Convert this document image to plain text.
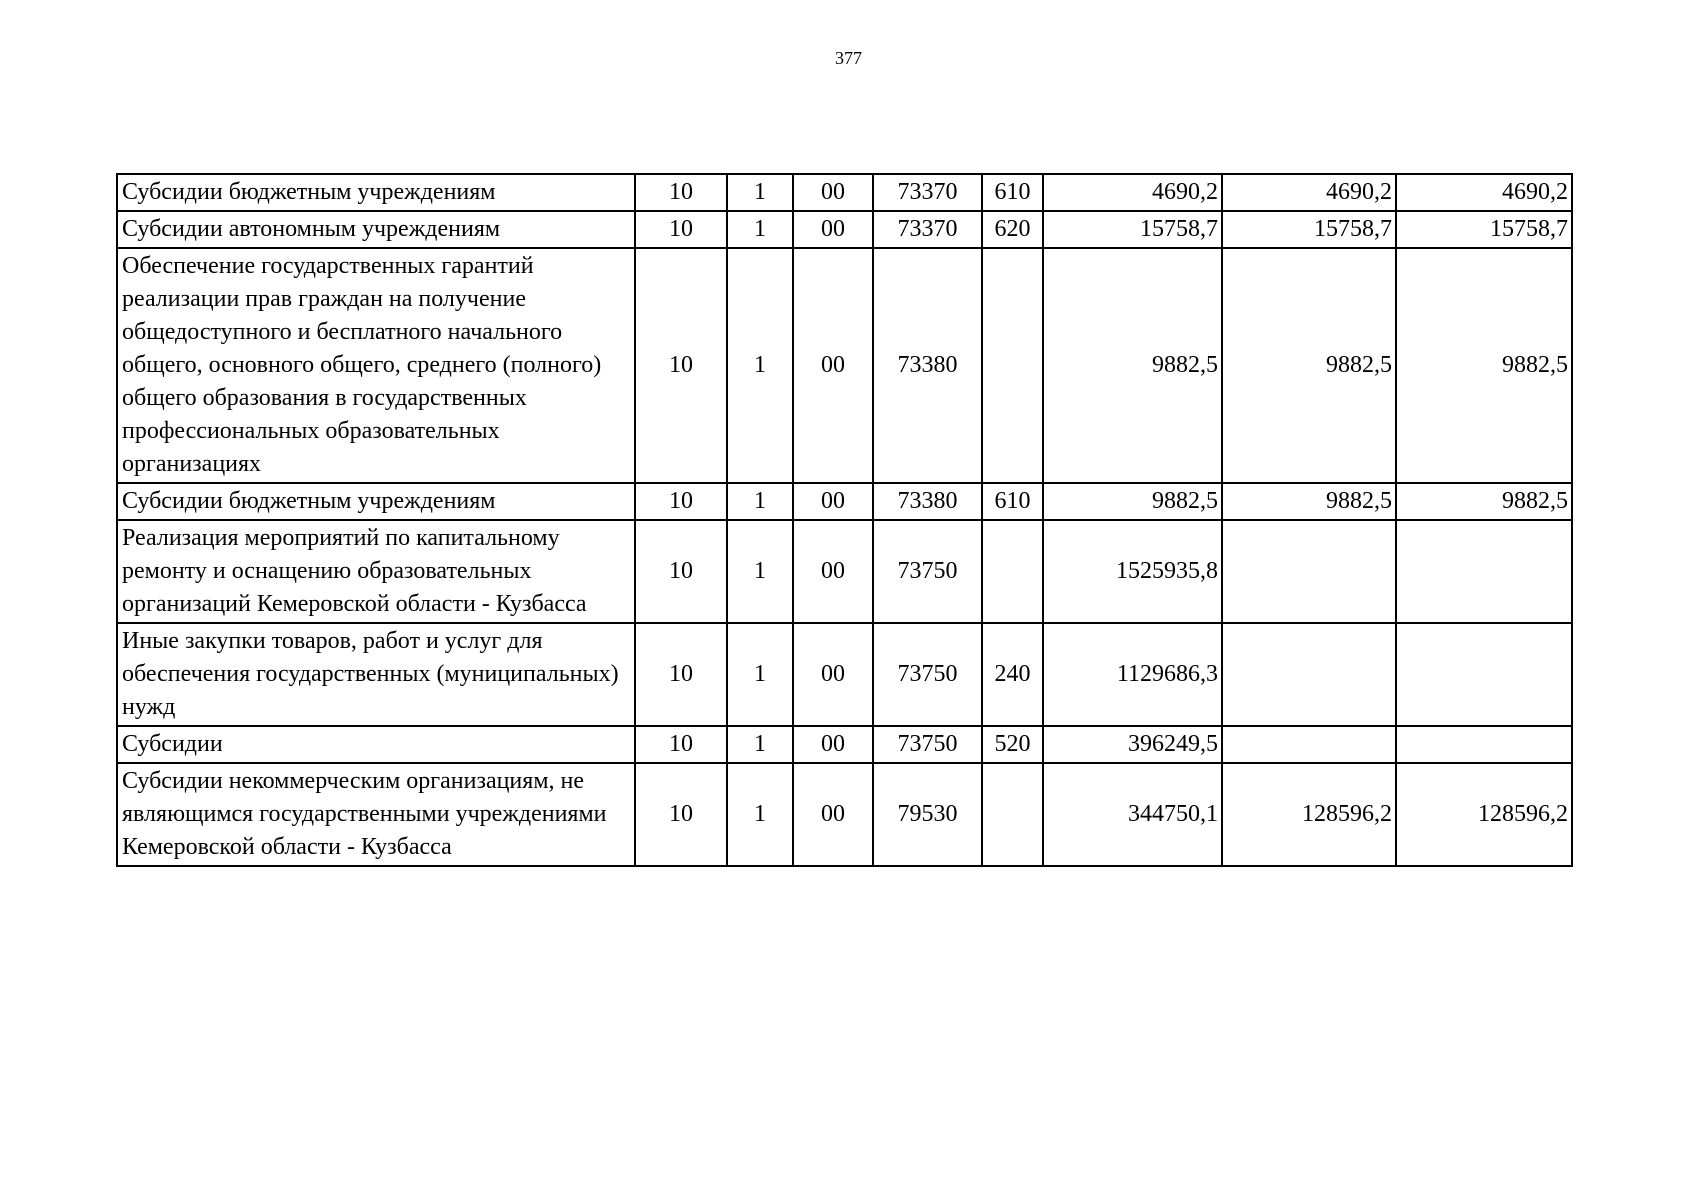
377
Субсидии бюджетным учреждениям	10	1	00	73370	610	4690,2	4690,2	4690,2
Субсидии автономным учреждениям	10	1	00	73370	620	15758,7	15758,7	15758,7
Обеспечение государственных гарантий реализации прав граждан на получение общедоступного и бесплатного начального общего, основного общего, среднего (полного) общего образования в государственных профессиональных образовательных организациях	10	1	00	73380		9882,5	9882,5	9882,5
Субсидии бюджетным учреждениям	10	1	00	73380	610	9882,5	9882,5	9882,5
Реализация мероприятий по капитальному ремонту и оснащению образовательных организаций Кемеровской области - Кузбасса	10	1	00	73750		1525935,8		
Иные закупки товаров, работ и услуг для обеспечения государственных (муниципальных) нужд	10	1	00	73750	240	1129686,3		
Субсидии	10	1	00	73750	520	396249,5		
Субсидии некоммерческим организациям, не являющимся государственными учреждениями Кемеровской области - Кузбасса	10	1	00	79530		344750,1	128596,2	128596,2
